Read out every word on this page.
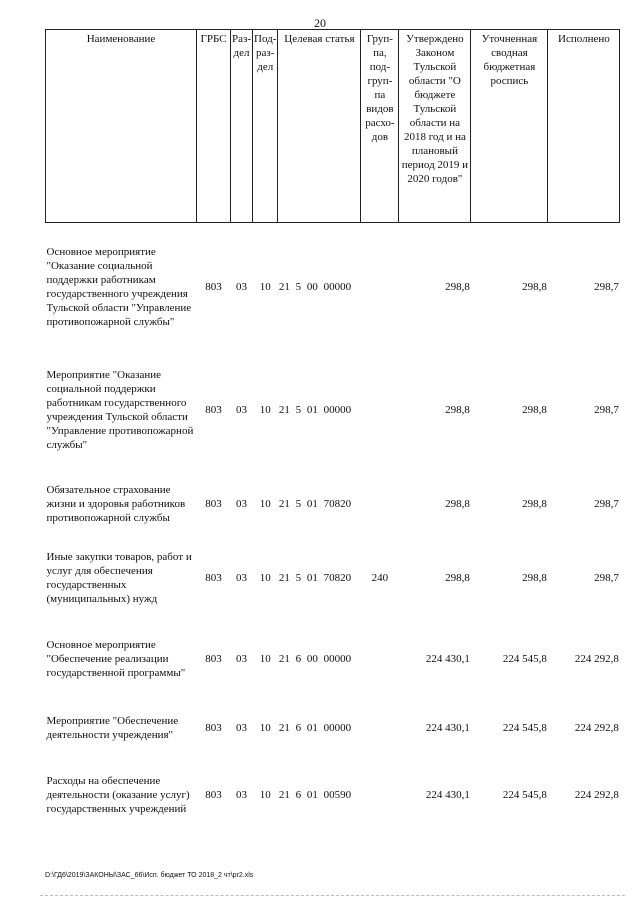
20
Наименование	ГРБС	Раз- дел	Под- раз- дел	Целевая статья	Груп- па, под- груп- па видов расхо- дов	Утверждено Законом Тульской области "О бюджете Тульской области на 2018 год и на плановый период 2019 и 2020 годов"	Уточненная сводная бюджетная роспись	Исполнено
Основное мероприятие "Оказание социальной поддержки работникам государственного учреждения Тульской области "Управление противопожарной службы"	803	03	10	21 5 00 00000		298,8	298,8	298,7
Мероприятие "Оказание социальной поддержки работникам государственного учреждения Тульской области "Управление противопожарной службы"	803	03	10	21 5 01 00000		298,8	298,8	298,7
Обязательное страхование жизни и здоровья работников противопожарной службы	803	03	10	21 5 01 70820		298,8	298,8	298,7
Иные закупки товаров, работ и услуг для обеспечения государственных (муниципальных) нужд	803	03	10	21 5 01 70820	240	298,8	298,8	298,7
Основное мероприятие "Обеспечение реализации государственной программы"	803	03	10	21 6 00 00000		224 430,1	224 545,8	224 292,8
Мероприятие "Обеспечение деятельности учреждения"	803	03	10	21 6 01 00000		224 430,1	224 545,8	224 292,8
Расходы на обеспечение деятельности (оказание услуг) государственных учреждений	803	03	10	21 6 01 00590		224 430,1	224 545,8	224 292,8
D:\ГД6\2019\ЗАКОНЫ\ЗАС_66\Исп. бюджет ТО 2018_2 чт\pr2.xls
